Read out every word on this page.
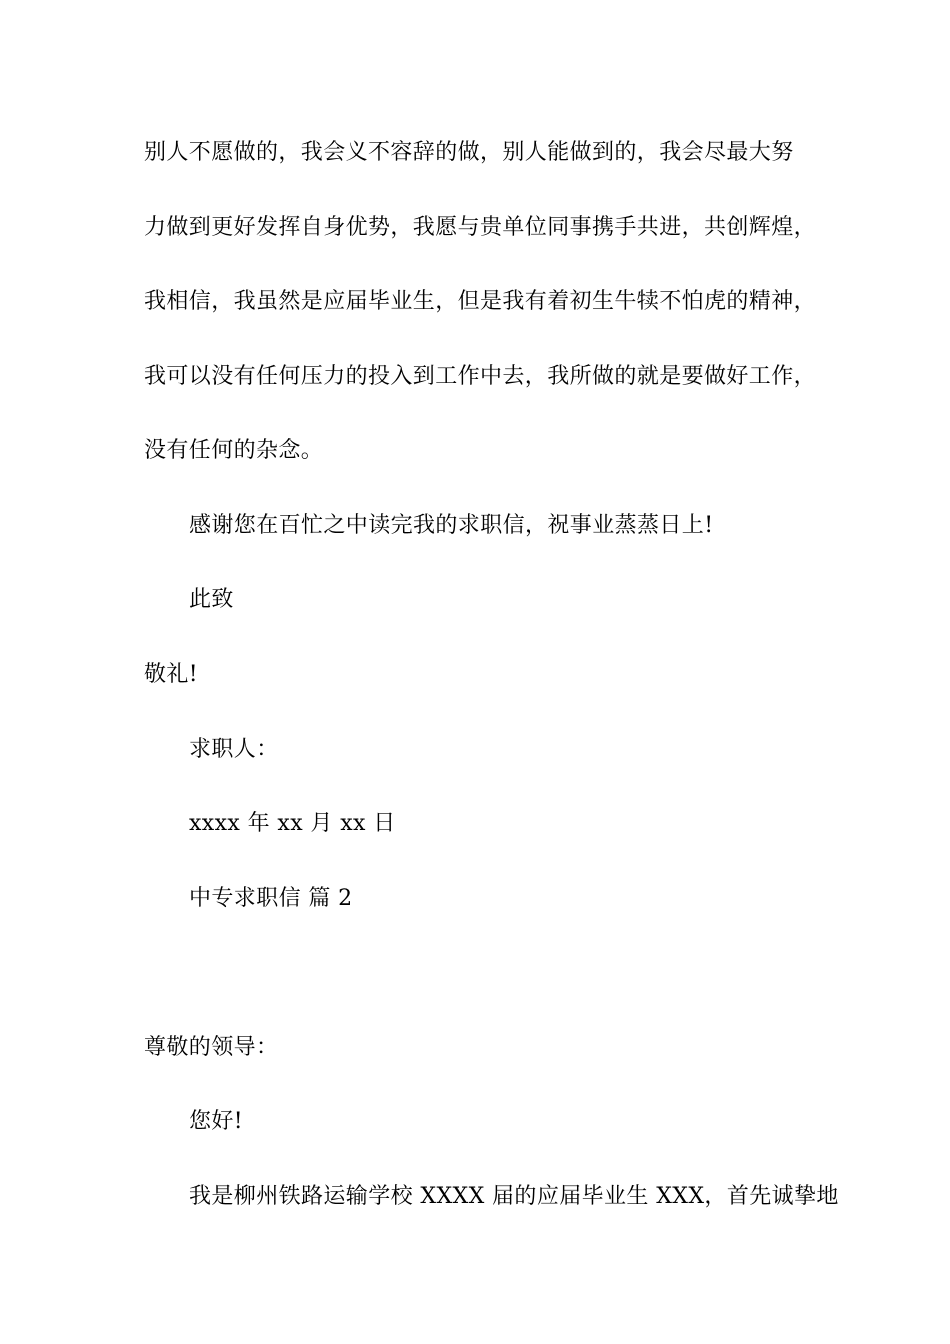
别人不愿做的，我会义不容辞的做，别人能做到的，我会尽最大努
力做到更好发挥自身优势，我愿与贵单位同事携手共进，共创辉煌，
我相信，我虽然是应届毕业生，但是我有着初生牛犊不怕虎的精神，
我可以没有任何压力的投入到工作中去，我所做的就是要做好工作，
没有任何的杂念。
感谢您在百忙之中读完我的求职信，祝事业蒸蒸日上!
此致
敬礼!
求职人：
xxxx 年 xx 月 xx 日
中专求职信 篇 2
尊敬的领导：
您好!
我是柳州铁路运输学校 XXXX 届的应届毕业生 XXX，首先诚挚地
